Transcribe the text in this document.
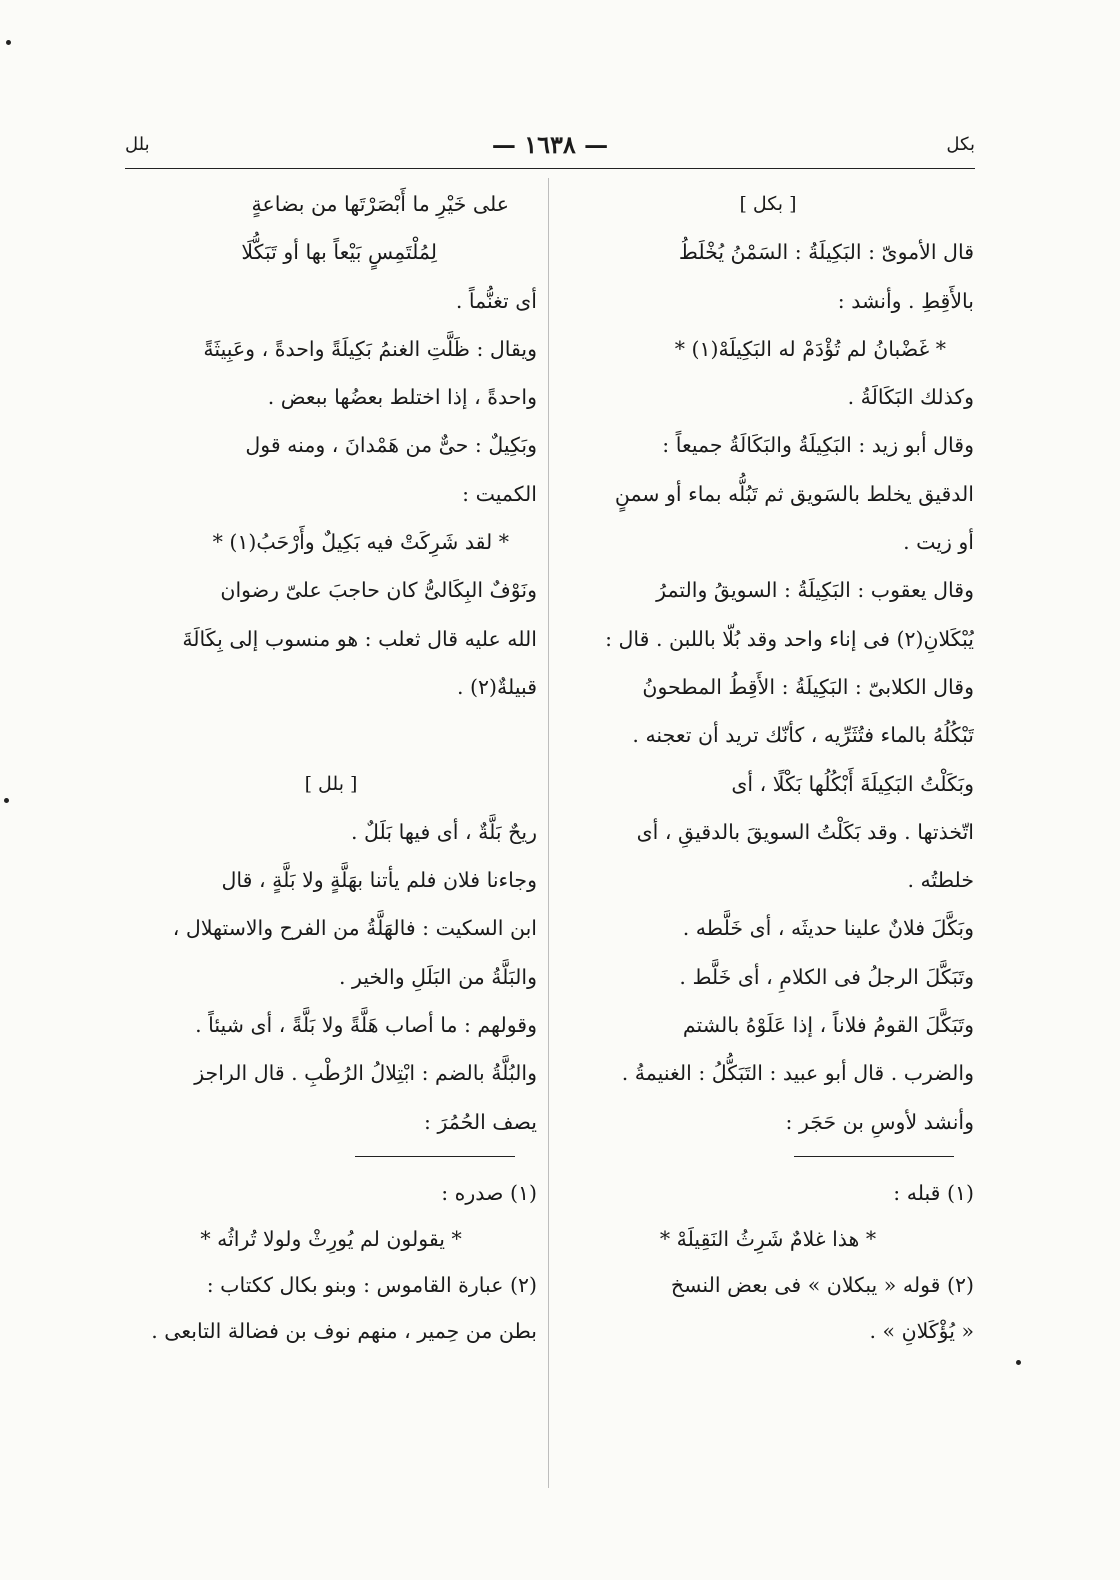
بلل	— ١٦٣٨ —	بكل
[ بكل ]
قال الأموىّ : البَكِيلَةُ : السَمْنُ يُخْلَطُ
بالأَقِطِ . وأنشد :
* غَضْبانُ لم تُؤْدَمْ له البَكِيلَهْ(١) *
وكذلك البَكَالَةُ .
وقال أبو زيد : البَكِيلَةُ والبَكَالَةُ جميعاً :
الدقيق يخلط بالسَويق ثم تَبُلُّه بماء أو سمنٍ
أو زيت .
وقال يعقوب : البَكِيلَةُ : السويقُ والتمرُ
يُبْكَلانِ(٢) فى إناء واحد وقد بُلّا باللبن . قال :
وقال الكلابىّ : البَكِيلَةُ : الأَقِطُ المطحونُ
تَبْكُلُهُ بالماء فتُثَرِّيه ، كأنّك تريد أن تعجنه .
وبَكَلْتُ البَكِيلَةَ أَبْكُلُها بَكْلًا ، أى
اتّخذتها . وقد بَكَلْتُ السويقَ بالدقيقِ ، أى
خلطتُه .
وبَكَّلَ فلانٌ علينا حديثَه ، أى خَلَّطه .
وتَبَكَّلَ الرجلُ فى الكلامِ ، أى خَلَّط .
وتَبَكَّلَ القومُ فلاناً ، إذا عَلَوْهُ بالشتم
والضرب . قال أبو عبيد : التَبَكُّلُ : الغنيمةُ .
وأنشد لأوسِ بن حَجَر :
(١) قبله :
* هذا غلامٌ شَرِثُ النَقِيلَهْ *
(٢) قوله « يبكلان » فى بعض النسخ
« يُؤْكَلانِ » .
على خَيْرِ ما أَبْصَرْتَها من بضاعةٍ
لِمُلْتَمِسٍ بَيْعاً بها أو تَبَكُّلَا
أى تغنُّماً .
ويقال : ظَلَّتِ الغنمُ بَكِيلَةً واحدةً ، وعَبِيثَةً
واحدةً ، إذا اختلط بعضُها ببعض .
وبَكِيلٌ : حىٌّ من هَمْدانَ ، ومنه قول
الكميت :
* لقد شَرِكَتْ فيه بَكِيلٌ وأَرْحَبُ(١) *
ونَوْفٌ البِكَالىُّ كان حاجبَ علىّ رضوان
الله عليه قال ثعلب : هو منسوب إلى بِكَالَةَ
قبيلةٌ(٢) .
[ بلل ]
ريحٌ بَلَّةٌ ، أى فيها بَلَلٌ .
وجاءنا فلان فلم يأتنا بهَلَّةٍ ولا بَلَّةٍ ، قال
ابن السكيت : فالهَلَّةُ من الفرح والاستهلال ،
والبَلَّةُ من البَلَلِ والخير .
وقولهم : ما أصاب هَلَّةً ولا بَلَّةً ، أى شيئاً .
والبُلَّةُ بالضم : ابْتِلالُ الرُطْبِ . قال الراجز
يصف الحُمُرَ :
(١) صدره :
* يقولون لم يُورِثْ ولولا تُراثُه *
(٢) عبارة القاموس : وبنو بكال ككتاب :
بطن من حِمير ، منهم نوف بن فضالة التابعى .
